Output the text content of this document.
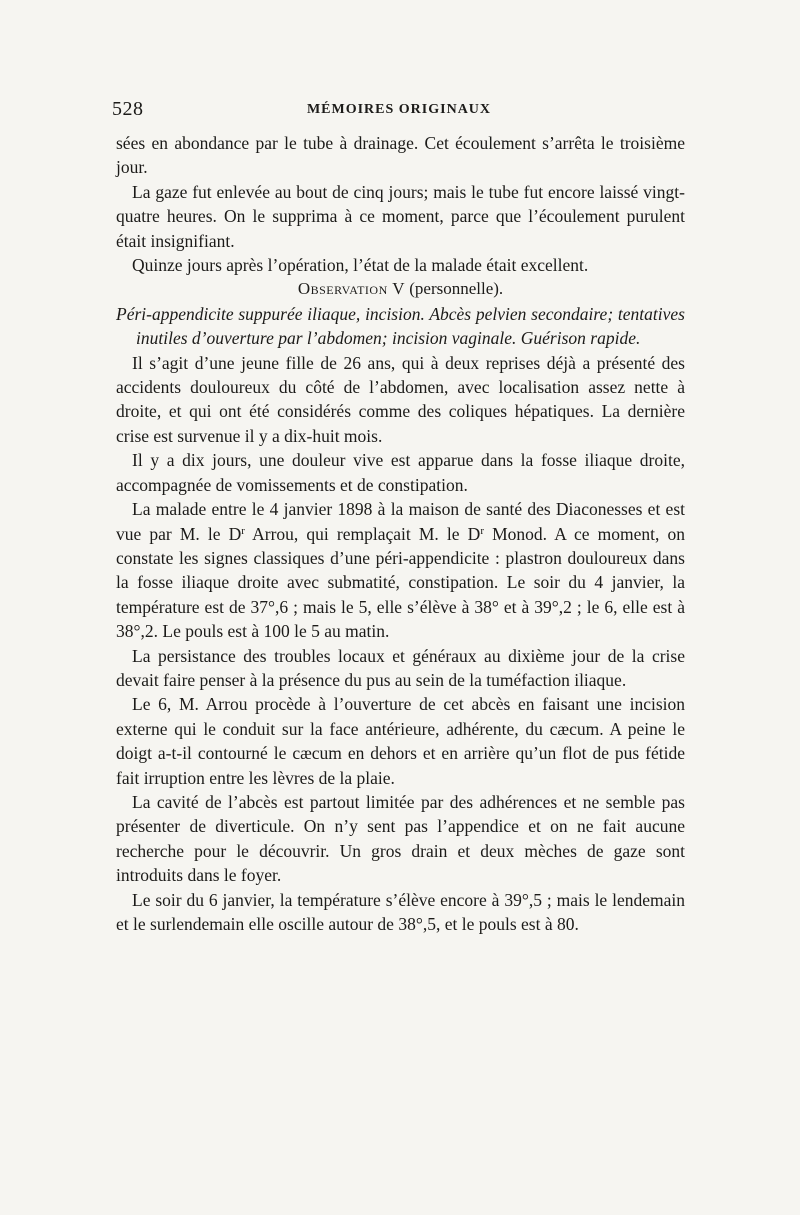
528	MÉMOIRES ORIGINAUX

sées en abondance par le tube à drainage. Cet écoulement s’arrêta le troisième jour.

La gaze fut enlevée au bout de cinq jours; mais le tube fut encore laissé vingt-quatre heures. On le supprima à ce moment, parce que l’écoulement purulent était insignifiant.

Quinze jours après l’opération, l’état de la malade était excellent.

Observation V (personnelle).

Péri-appendicite suppurée iliaque, incision. Abcès pelvien secondaire; tentatives inutiles d’ouverture par l’abdomen; incision vaginale. Guérison rapide.

Il s’agit d’une jeune fille de 26 ans, qui à deux reprises déjà a présenté des accidents douloureux du côté de l’abdomen, avec localisation assez nette à droite, et qui ont été considérés comme des coliques hépatiques. La dernière crise est survenue il y a dix-huit mois.

Il y a dix jours, une douleur vive est apparue dans la fosse iliaque droite, accompagnée de vomissements et de constipation.

La malade entre le 4 janvier 1898 à la maison de santé des Diaconesses et est vue par M. le $D^r$ Arrou, qui remplaçait M. le $D^r$ Monod. A ce moment, on constate les signes classiques d’une péri-appendicite : plastron douloureux dans la fosse iliaque droite avec submatité, constipation. Le soir du 4 janvier, la température est de 37°,6 ; mais le 5, elle s’élève à 38° et à 39°,2 ; le 6, elle est à 38°,2. Le pouls est à 100 le 5 au matin.

La persistance des troubles locaux et généraux au dixième jour de la crise devait faire penser à la présence du pus au sein de la tuméfaction iliaque.

Le 6, M. Arrou procède à l’ouverture de cet abcès en faisant une incision externe qui le conduit sur la face antérieure, adhérente, du cæcum. A peine le doigt a-t-il contourné le cæcum en dehors et en arrière qu’un flot de pus fétide fait irruption entre les lèvres de la plaie.

La cavité de l’abcès est partout limitée par des adhérences et ne semble pas présenter de diverticule. On n’y sent pas l’appendice et on ne fait aucune recherche pour le découvrir. Un gros drain et deux mèches de gaze sont introduits dans le foyer.

Le soir du 6 janvier, la température s’élève encore à 39°,5 ; mais le lendemain et le surlendemain elle oscille autour de 38°,5, et le pouls est à 80.
